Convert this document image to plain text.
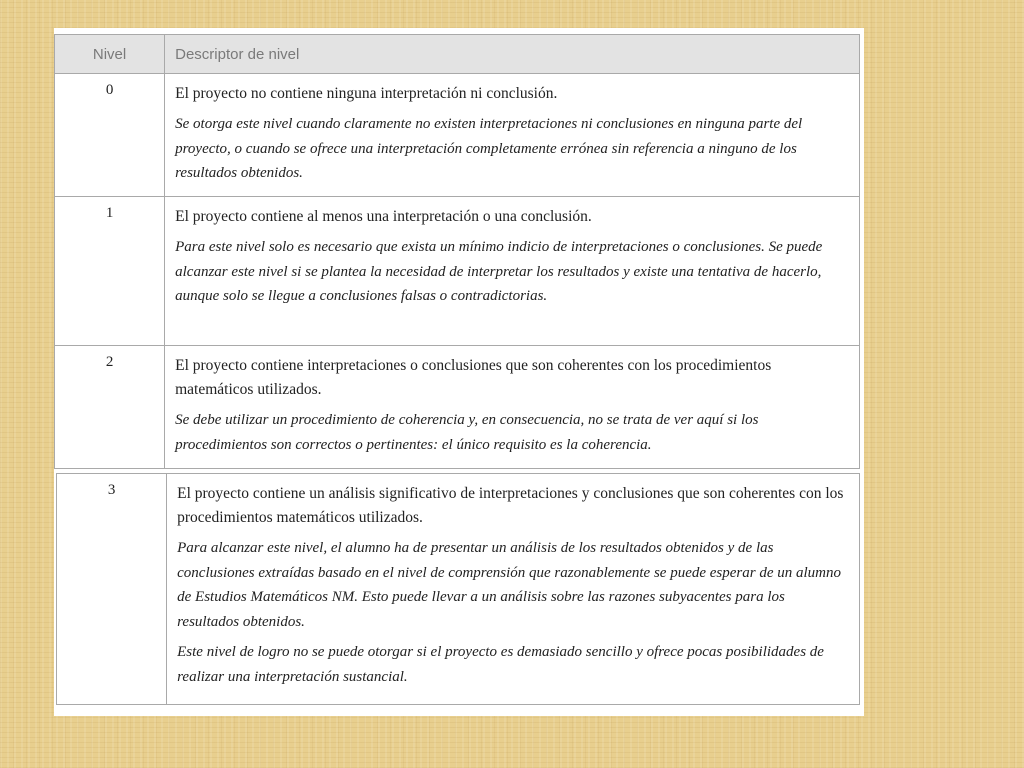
Nivel	Descriptor de nivel
0	El proyecto no contiene ninguna interpretación ni conclusión.

Se otorga este nivel cuando claramente no existen interpretaciones ni conclusiones en ninguna parte del proyecto, o cuando se ofrece una interpretación completamente errónea sin referencia a ninguno de los resultados obtenidos.

1	El proyecto contiene al menos una interpretación o una conclusión.

Para este nivel solo es necesario que exista un mínimo indicio de interpretaciones o conclusiones. Se puede alcanzar este nivel si se plantea la necesidad de interpretar los resultados y existe una tentativa de hacerlo, aunque solo se llegue a conclusiones falsas o contradictorias.

2	El proyecto contiene interpretaciones o conclusiones que son coherentes con los procedimientos matemáticos utilizados.

Se debe utilizar un procedimiento de coherencia y, en consecuencia, no se trata de ver aquí si los procedimientos son correctos o pertinentes: el único requisito es la coherencia.

3	El proyecto contiene un análisis significativo de interpretaciones y conclusiones que son coherentes con los procedimientos matemáticos utilizados.

Para alcanzar este nivel, el alumno ha de presentar un análisis de los resultados obtenidos y de las conclusiones extraídas basado en el nivel de comprensión que razonablemente se puede esperar de un alumno de Estudios Matemáticos NM. Esto puede llevar a un análisis sobre las razones subyacentes para los resultados obtenidos.

Este nivel de logro no se puede otorgar si el proyecto es demasiado sencillo y ofrece pocas posibilidades de realizar una interpretación sustancial.
